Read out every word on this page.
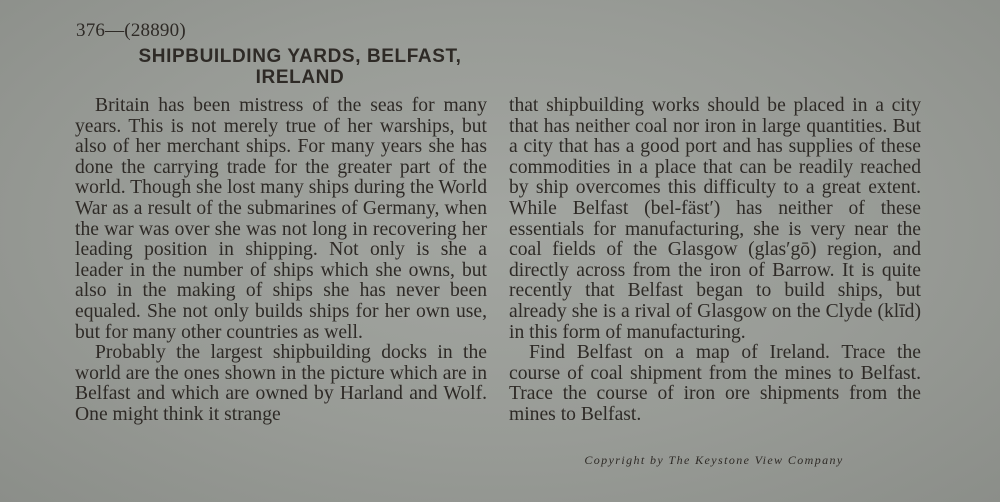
376—(28890)
SHIPBUILDING YARDS, BELFAST,
IRELAND

Britain has been mistress of the seas for many years. This is not merely true of her warships, but also of her merchant ships. For many years she has done the carrying trade for the greater part of the world. Though she lost many ships during the World War as a result of the submarines of Germany, when the war was over she was not long in recovering her leading position in shipping. Not only is she a leader in the number of ships which she owns, but also in the making of ships she has never been equaled. She not only builds ships for her own use, but for many other countries as well.

Probably the largest shipbuilding docks in the world are the ones shown in the picture which are in Belfast and which are owned by Harland and Wolf. One might think it strange

that shipbuilding works should be placed in a city that has neither coal nor iron in large quantities. But a city that has a good port and has supplies of these commodities in a place that can be readily reached by ship overcomes this difficulty to a great extent. While Belfast (bel-fäst′) has neither of these essentials for manufacturing, she is very near the coal fields of the Glasgow (glas′gō) region, and directly across from the iron of Barrow. It is quite recently that Belfast began to build ships, but already she is a rival of Glasgow on the Clyde (klīd) in this form of manufacturing.

Find Belfast on a map of Ireland. Trace the course of coal shipment from the mines to Belfast. Trace the course of iron ore shipments from the mines to Belfast.

Copyright by The Keystone View Company
